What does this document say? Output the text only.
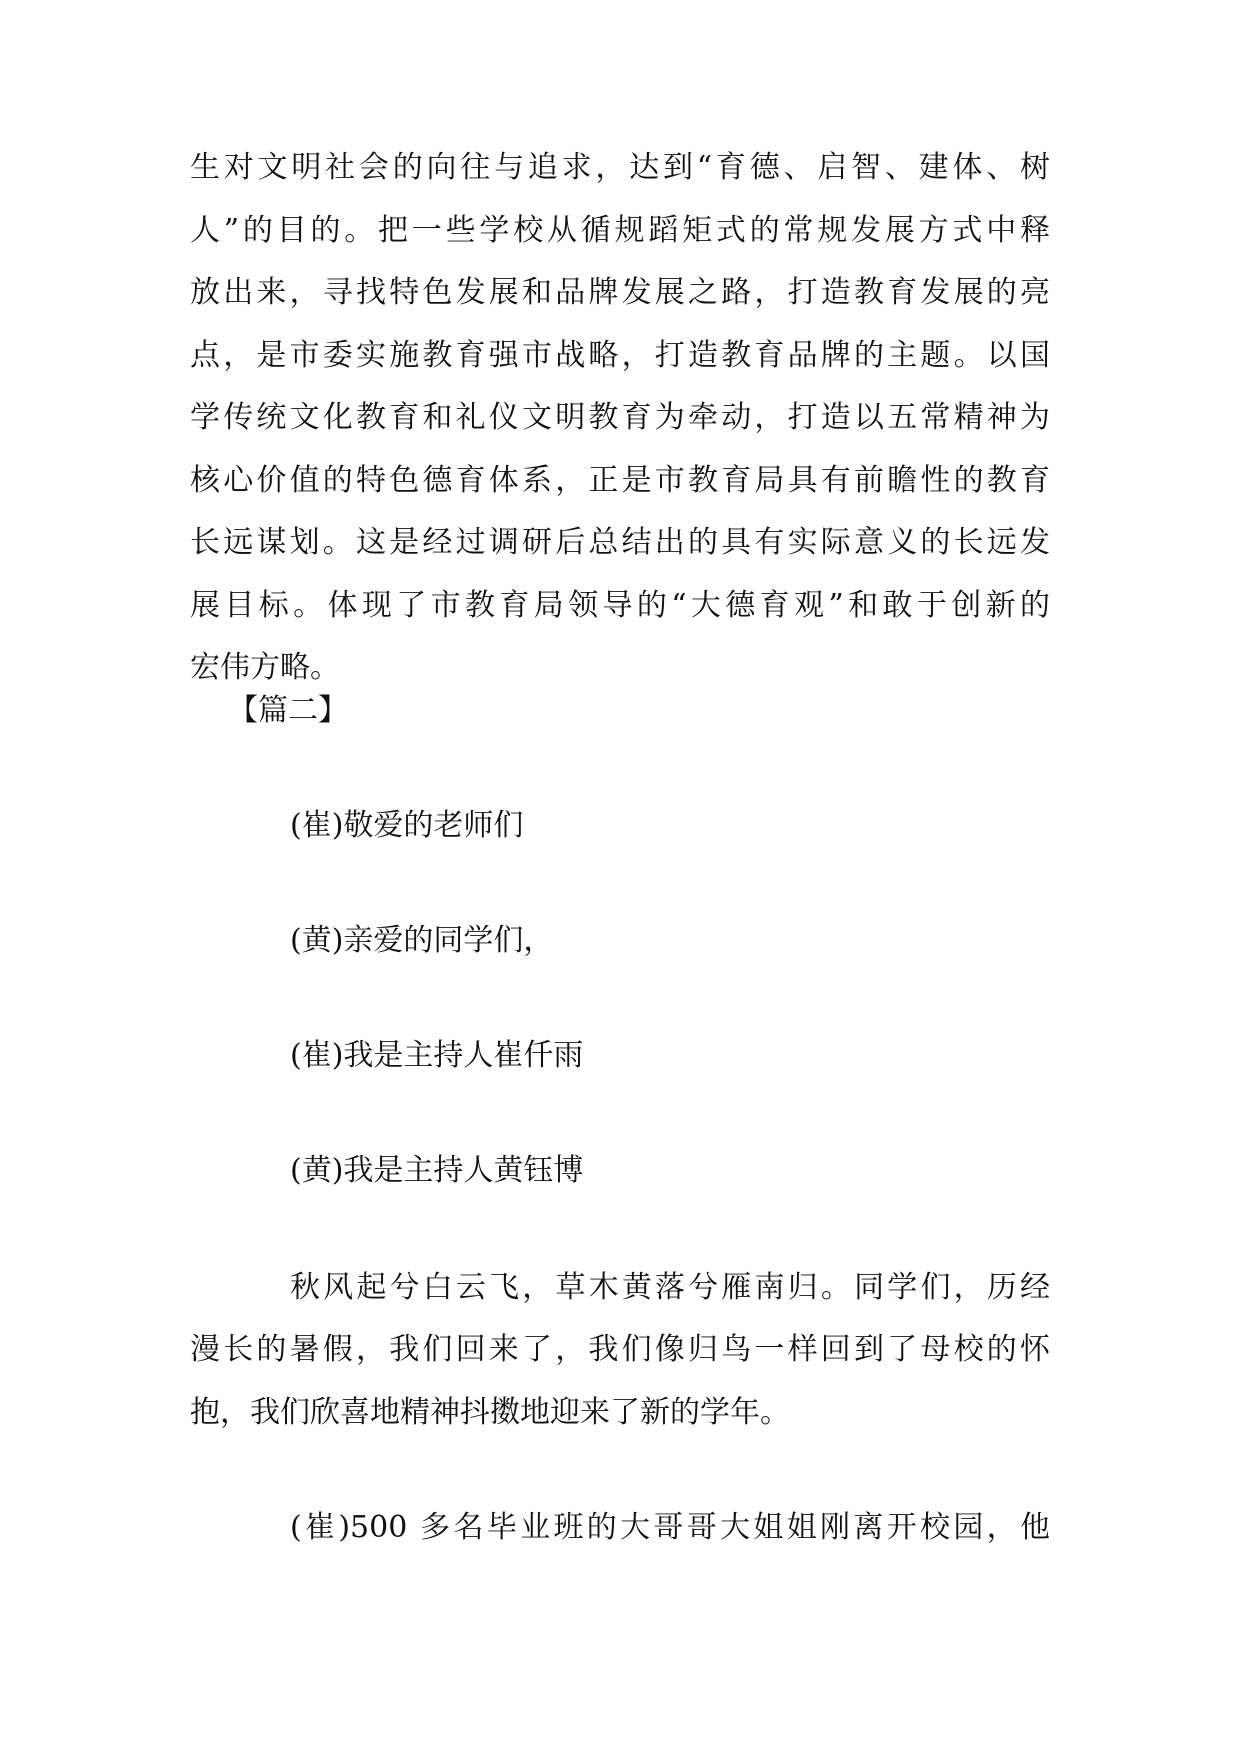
生对文明社会的向往与追求，达到“育德、启智、建体、树
人”的目的。把一些学校从循规蹈矩式的常规发展方式中释
放出来，寻找特色发展和品牌发展之路，打造教育发展的亮
点，是市委实施教育强市战略，打造教育品牌的主题。以国
学传统文化教育和礼仪文明教育为牵动，打造以五常精神为
核心价值的特色德育体系，正是市教育局具有前瞻性的教育
长远谋划。这是经过调研后总结出的具有实际意义的长远发
展目标。体现了市教育局领导的“大德育观”和敢于创新的
宏伟方略。
【篇二】
(崔)敬爱的老师们
(黄)亲爱的同学们，
(崔)我是主持人崔仟雨
(黄)我是主持人黄钰博
秋风起兮白云飞，草木黄落兮雁南归。同学们，历经
漫长的暑假，我们回来了，我们像归鸟一样回到了母校的怀
抱，我们欣喜地精神抖擞地迎来了新的学年。
(崔)500 多名毕业班的大哥哥大姐姐刚离开校园，他
